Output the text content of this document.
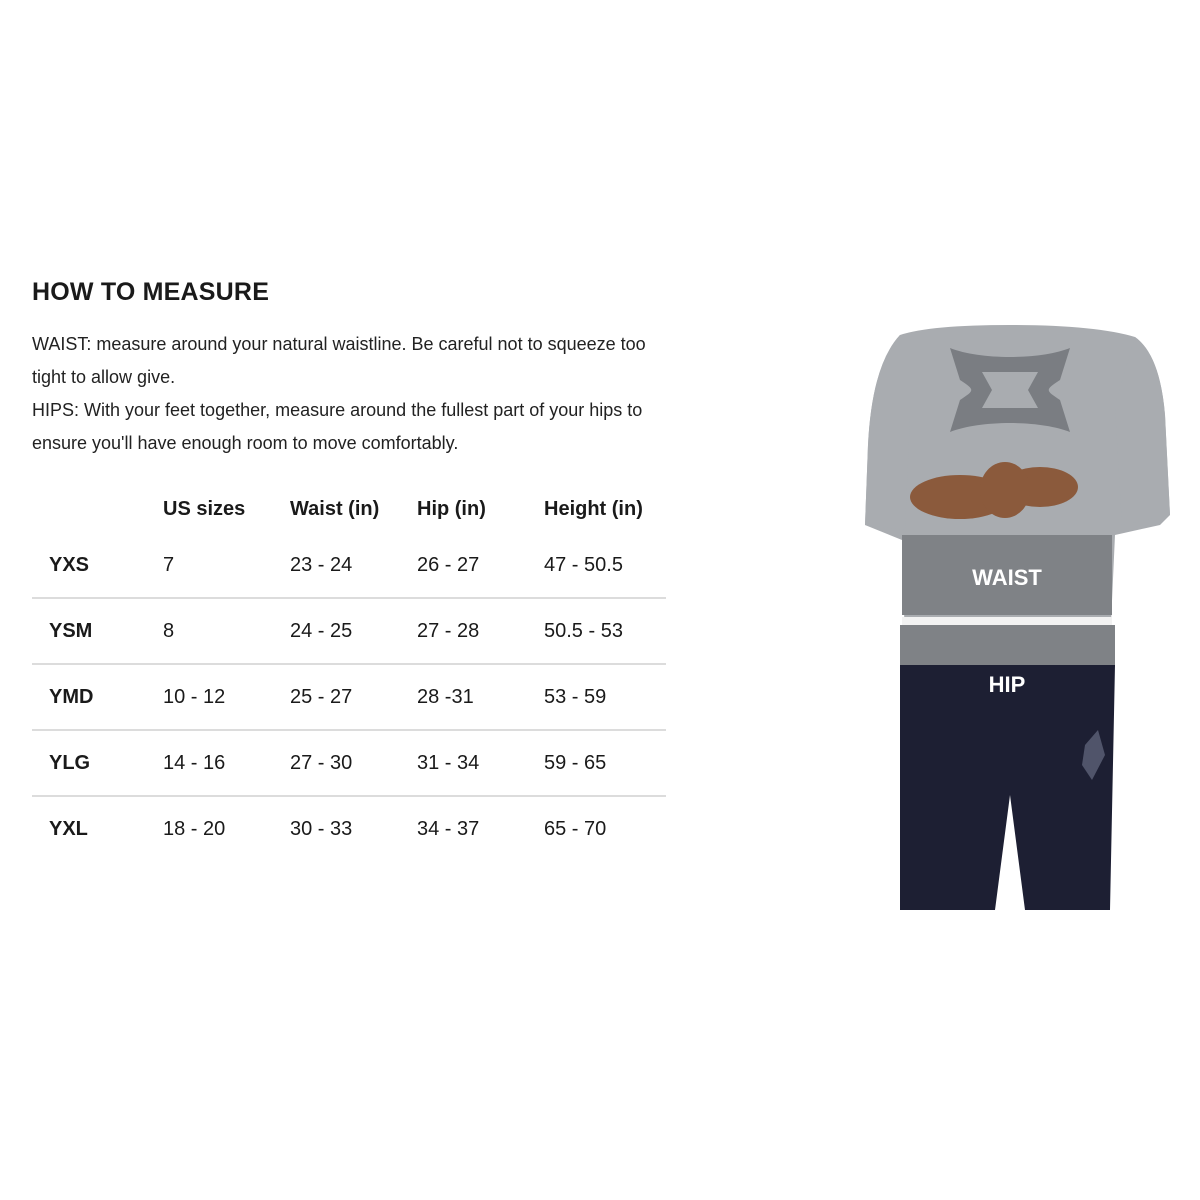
HOW TO MEASURE

WAIST: measure around your natural waistline. Be careful not to squeeze too tight to allow give.

HIPS: With your feet together, measure around the fullest part of your hips to ensure you'll have enough room to move comfortably.

	US sizes	Waist (in)	Hip (in)	Height (in)
YXS	7	23 - 24	26 - 27	47 - 50.5
YSM	8	24 - 25	27 - 28	50.5 - 53
YMD	10 - 12	25 - 27	28 -31	53 - 59
YLG	14 - 16	27 - 30	31 - 34	59 - 65
YXL	18 - 20	30 - 33	34 - 37	65 - 70
WAIST
HIP
